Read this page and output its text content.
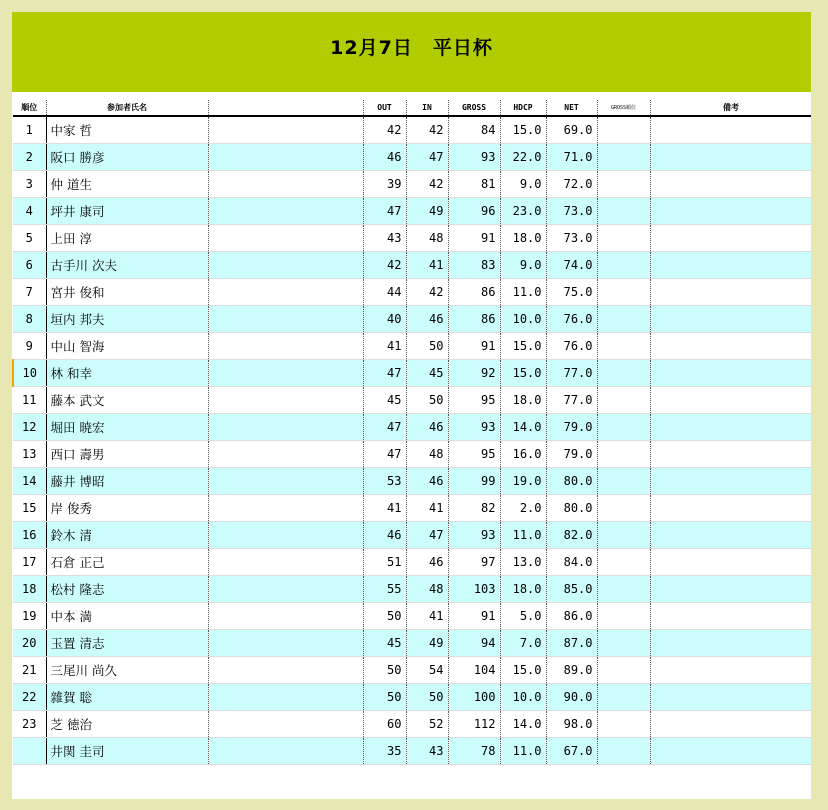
12月7日　平日杯
順位	参加者氏名		OUT	IN	GROSS	HDCP	NET	GROSS順位	備考
1	中家 哲		42	42	84	15.0	69.0		
2	阪口 勝彦		46	47	93	22.0	71.0		
3	仲 道生		39	42	81	9.0	72.0		
4	坪井 康司		47	49	96	23.0	73.0		
5	上田 淳		43	48	91	18.0	73.0		
6	古手川 次夫		42	41	83	9.0	74.0		
7	宮井 俊和		44	42	86	11.0	75.0		
8	垣内 邦夫		40	46	86	10.0	76.0		
9	中山 智海		41	50	91	15.0	76.0		
10	林 和幸		47	45	92	15.0	77.0		
11	藤本 武文		45	50	95	18.0	77.0		
12	堀田 暁宏		47	46	93	14.0	79.0		
13	西口 壽男		47	48	95	16.0	79.0		
14	藤井 博昭		53	46	99	19.0	80.0		
15	岸 俊秀		41	41	82	2.0	80.0		
16	鈴木 清		46	47	93	11.0	82.0		
17	石倉 正己		51	46	97	13.0	84.0		
18	松村 隆志		55	48	103	18.0	85.0		
19	中本 満		50	41	91	5.0	86.0		
20	玉置 清志		45	49	94	7.0	87.0		
21	三尾川 尚久		50	54	104	15.0	89.0		
22	雜賀 聡		50	50	100	10.0	90.0		
23	芝 徳治		60	52	112	14.0	98.0		
	井関 圭司		35	43	78	11.0	67.0		
